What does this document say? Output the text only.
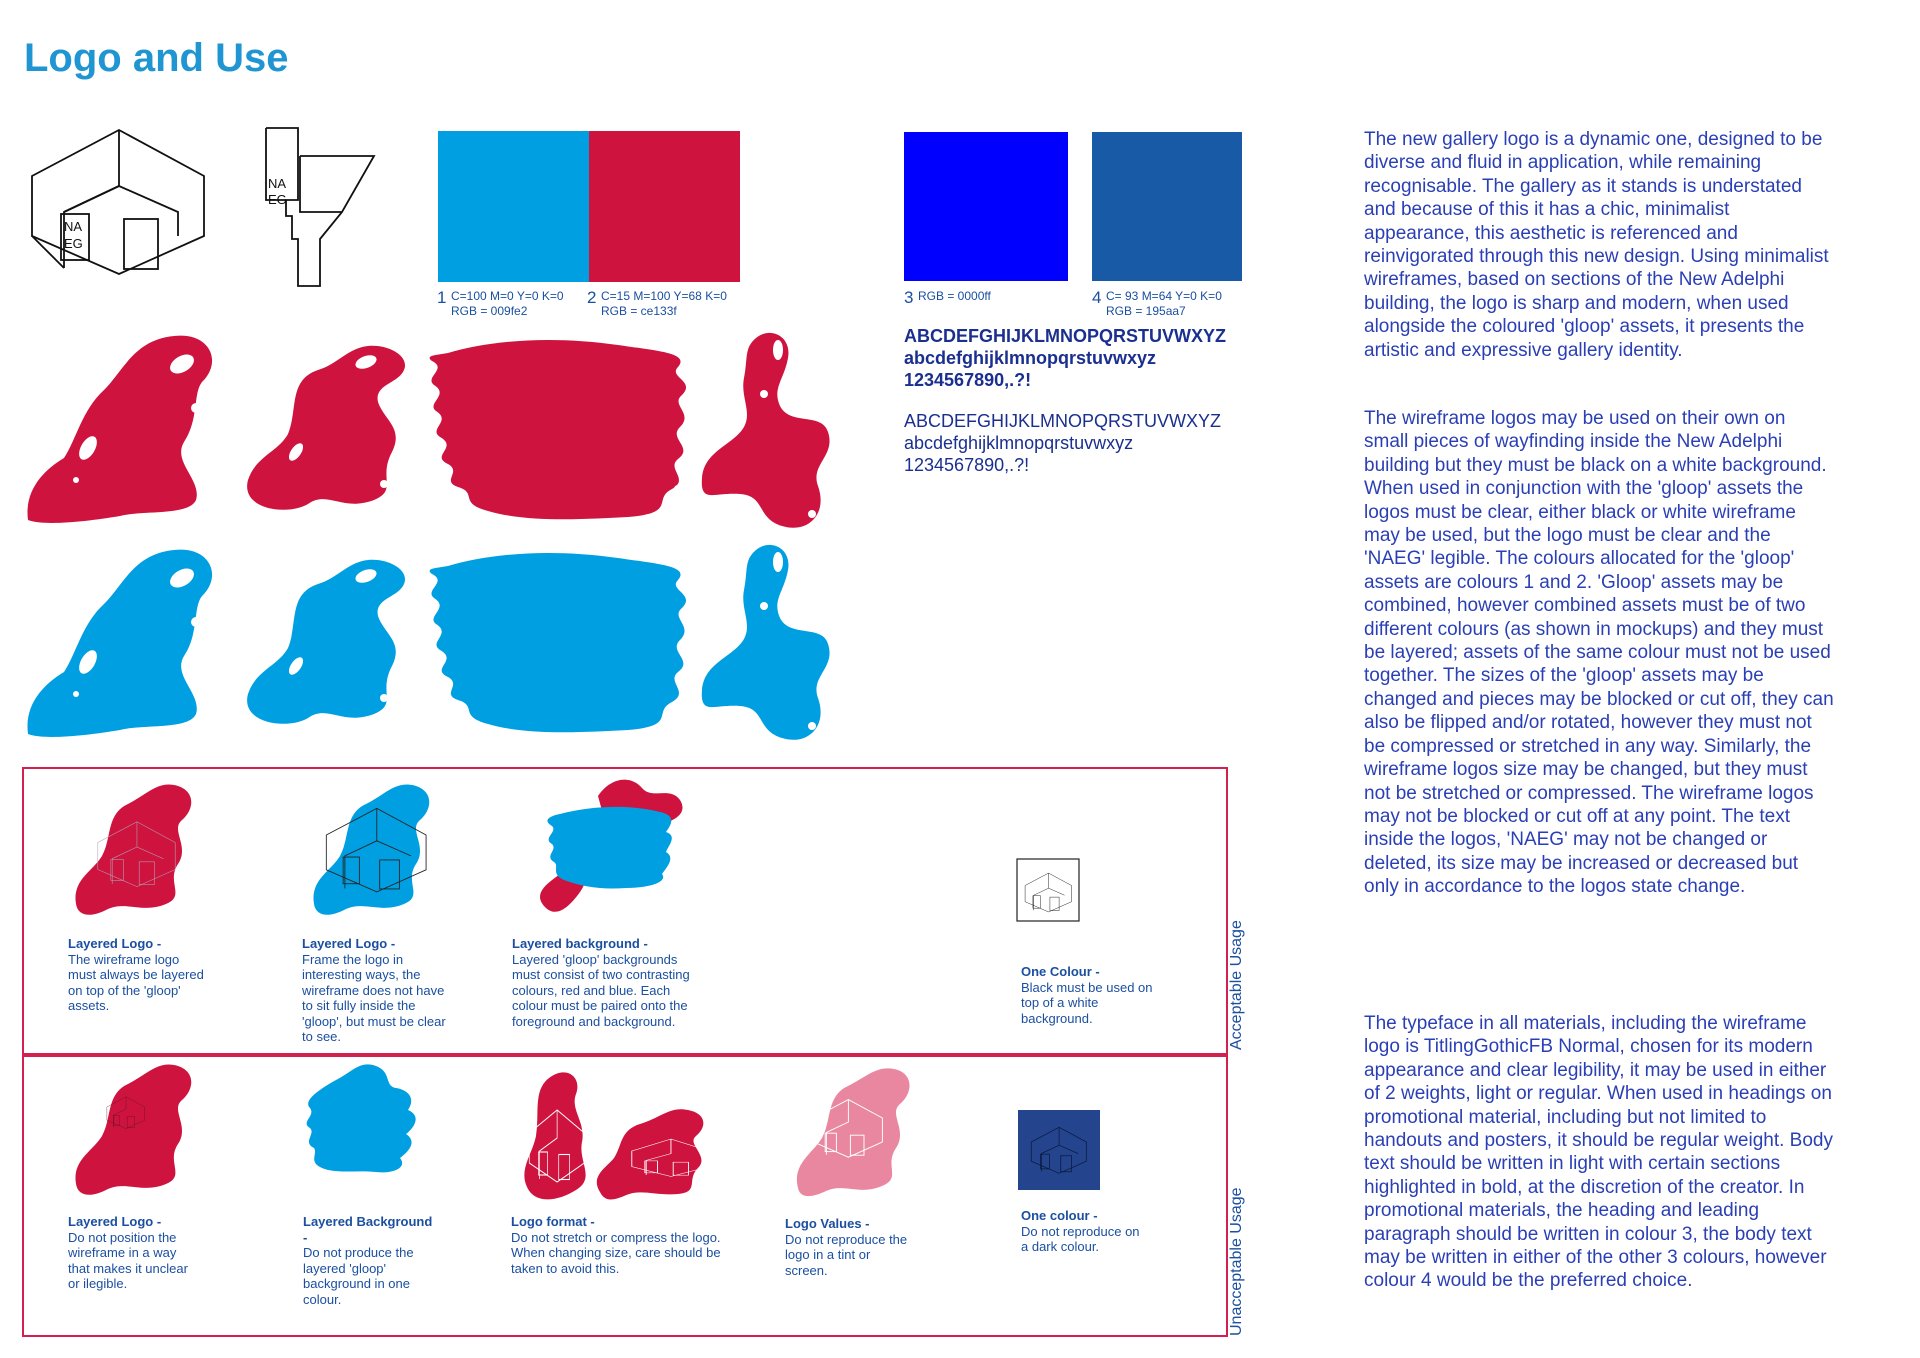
Logo and Use
NA
EG
NA
EG
1 C=100 M=0 Y=0 K=0
RGB = 009fe2
2 C=15 M=100 Y=68 K=0
RGB = ce133f
3 RGB = 0000ff	4 C= 93 M=64 Y=0 K=0
RGB = 195aa7
ABCDEFGHIJKLMNOPQRSTUVWXYZ
abcdefghijklmnopqrstuvwxyz
1234567890,.?!
ABCDEFGHIJKLMNOPQRSTUVWXYZ
abcdefghijklmnopqrstuvwxyz
1234567890,.?!
Acceptable Usage
Unacceptable Usage
Layered Logo -
The wireframe logo must always be layered on top of the 'gloop' assets.
Layered Logo -
Frame the logo in interesting ways, the wireframe does not have to sit fully inside the 'gloop', but must be clear to see.
Layered background -
Layered 'gloop' backgrounds must consist of two contrasting colours, red and blue. Each colour must be paired onto the foreground and background.
One Colour -
Black must be used on top of a white background.
Layered Logo -
Do not position the wireframe in a way that makes it unclear or ilegible.
Layered Background -
Do not produce the layered 'gloop' background in one colour.
Logo format -
Do not stretch or compress the logo. When changing size, care should be taken to avoid this.
Logo Values -
Do not reproduce the logo in a tint or screen.
One colour -
Do not reproduce on a dark colour.

The new gallery logo is a dynamic one, designed to be diverse and fluid in application, while remaining recognisable. The gallery as it stands is understated and because of this it has a chic, minimalist appearance, this aesthetic is referenced and reinvigorated through this new design. Using minimalist wireframes, based on sections of the New Adelphi building, the logo is sharp and modern, when used alongside the coloured 'gloop' assets, it presents the artistic and expressive gallery identity.

The wireframe logos may be used on their own on small pieces of wayfinding inside the New Adelphi building but they must be black on a white background. When used in conjunction with the 'gloop' assets the logos must be clear, either black or white wireframe may be used, but the logo must be clear and the 'NAEG' legible. The colours allocated for the 'gloop' assets are colours 1 and 2. 'Gloop' assets may be combined, however combined assets must be of two different colours (as shown in mockups) and they must be layered; assets of the same colour must not be used together. The sizes of the 'gloop' assets may be changed and pieces may be blocked or cut off, they can also be flipped and/or rotated, however they must not be compressed or stretched in any way. Similarly, the wireframe logos size may be changed, but they must not be stretched or compressed. The wireframe logos may not be blocked or cut off at any point. The text inside the logos, 'NAEG' may not be changed or deleted, its size may be increased or decreased but only in accordance to the logos state change.

The typeface in all materials, including the wireframe logo is TitlingGothicFB Normal, chosen for its modern appearance and clear legibility, it may be used in either of 2 weights, light or regular. When used in headings on promotional material, including but not limited to handouts and posters, it should be regular weight. Body text should be written in light with certain sections highlighted in bold, at the discretion of the creator. In promotional materials, the heading and leading paragraph should be written in colour 3, the body text may be written in either of the other 3 colours, however colour 4 would be the preferred choice.
